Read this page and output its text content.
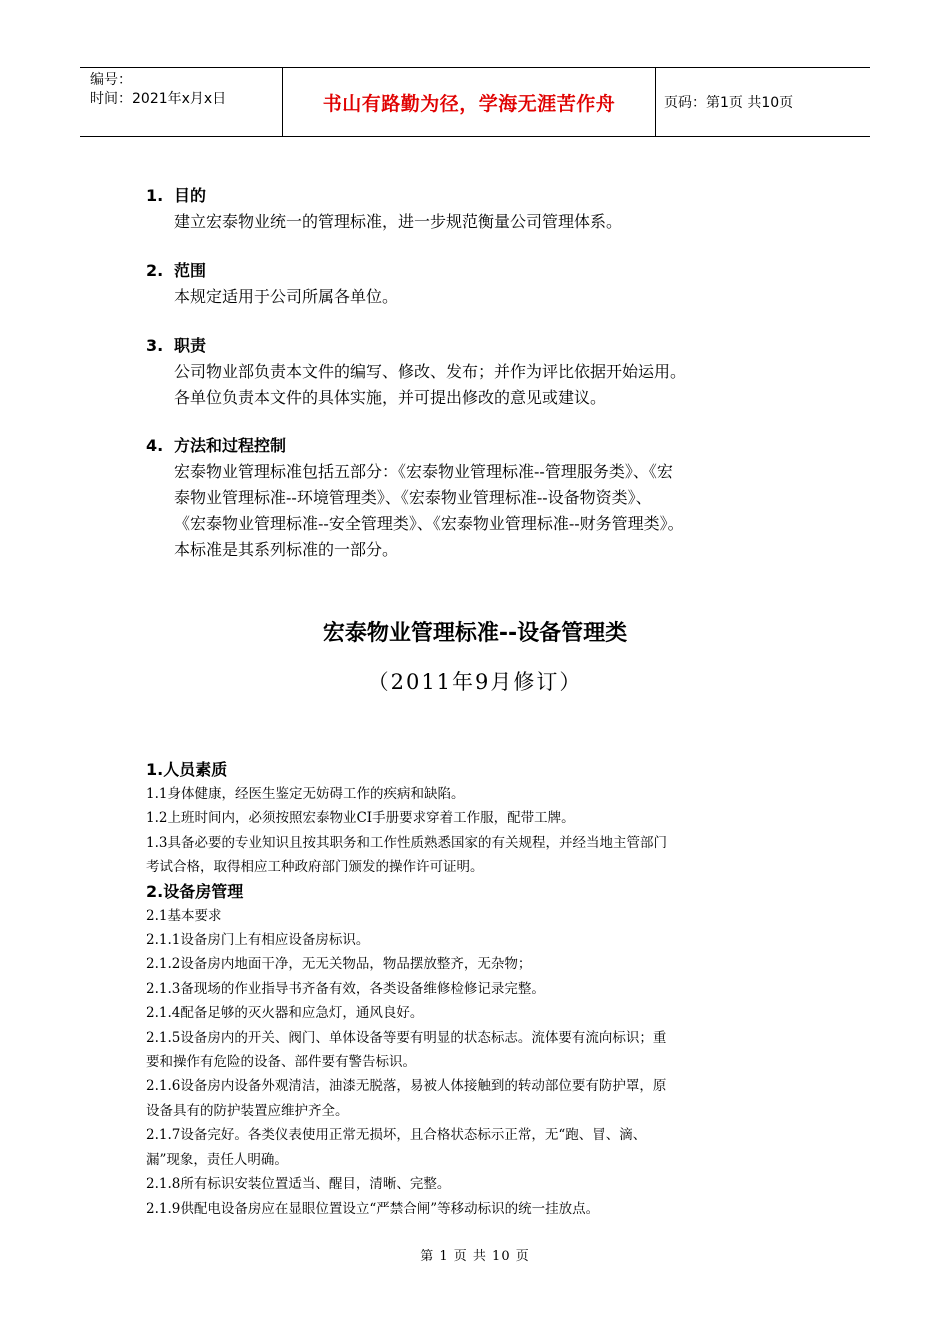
编号：
时间：2021年x月x日	书山有路勤为径，学海无涯苦作舟	页码：第1页 共10页
1. 目的
建立宏泰物业统一的管理标准，进一步规范衡量公司管理体系。
2. 范围
本规定适用于公司所属各单位。
3. 职责
公司物业部负责本文件的编写、修改、发布；并作为评比依据开始运用。
各单位负责本文件的具体实施，并可提出修改的意见或建议。
4. 方法和过程控制
宏泰物业管理标准包括五部分：《宏泰物业管理标准--管理服务类》、《宏
泰物业管理标准--环境管理类》、《宏泰物业管理标准--设备物资类》、
《宏泰物业管理标准--安全管理类》、《宏泰物业管理标准--财务管理类》。
本标准是其系列标准的一部分。
宏泰物业管理标准--设备管理类
（2011年9月修订）
1.人员素质
1.1身体健康，经医生鉴定无妨碍工作的疾病和缺陷。
1.2上班时间内，必须按照宏泰物业CI手册要求穿着工作服，配带工牌。
1.3具备必要的专业知识且按其职务和工作性质熟悉国家的有关规程，并经当地主管部门
考试合格，取得相应工种政府部门颁发的操作许可证明。
2.设备房管理
2.1基本要求
2.1.1设备房门上有相应设备房标识。
2.1.2设备房内地面干净，无无关物品，物品摆放整齐，无杂物；
2.1.3备现场的作业指导书齐备有效，各类设备维修检修记录完整。
2.1.4配备足够的灭火器和应急灯，通风良好。
2.1.5设备房内的开关、阀门、单体设备等要有明显的状态标志。流体要有流向标识；重
要和操作有危险的设备、部件要有警告标识。
2.1.6设备房内设备外观清洁，油漆无脱落，易被人体接触到的转动部位要有防护罩，原
设备具有的防护装置应维护齐全。
2.1.7设备完好。各类仪表使用正常无损坏，且合格状态标示正常，无“跑、冒、滴、
漏”现象，责任人明确。
2.1.8所有标识安装位置适当、醒目，清晰、完整。
2.1.9供配电设备房应在显眼位置设立“严禁合闸”等移动标识的统一挂放点。
第 1 页 共 10 页
